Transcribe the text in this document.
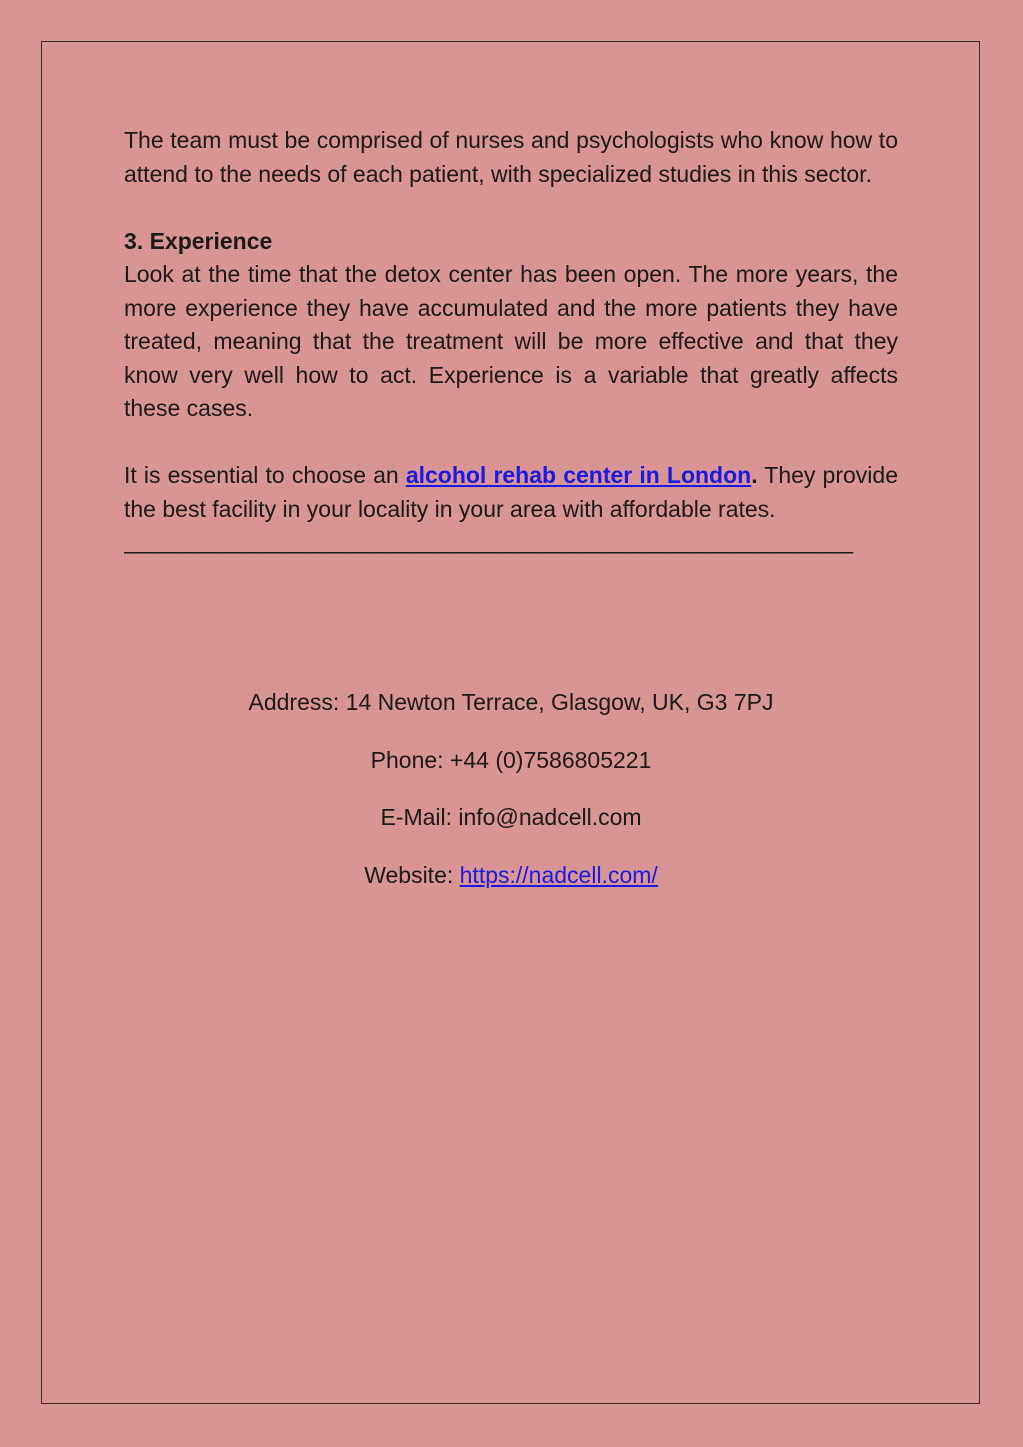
The team must be comprised of nurses and psychologists who know how to attend to the needs of each patient, with specialized studies in this sector.

3. Experience

Look at the time that the detox center has been open. The more years, the more experience they have accumulated and the more patients they have treated, meaning that the treatment will be more effective and that they know very well how to act. Experience is a variable that greatly affects these cases.

It is essential to choose an alcohol rehab center in London. They provide the best facility in your locality in your area with affordable rates.

_________________________________________________________

Address: 14 Newton Terrace, Glasgow, UK, G3 7PJ

Phone: +44 (0)7586805221

E-Mail: info@nadcell.com

Website: https://nadcell.com/
